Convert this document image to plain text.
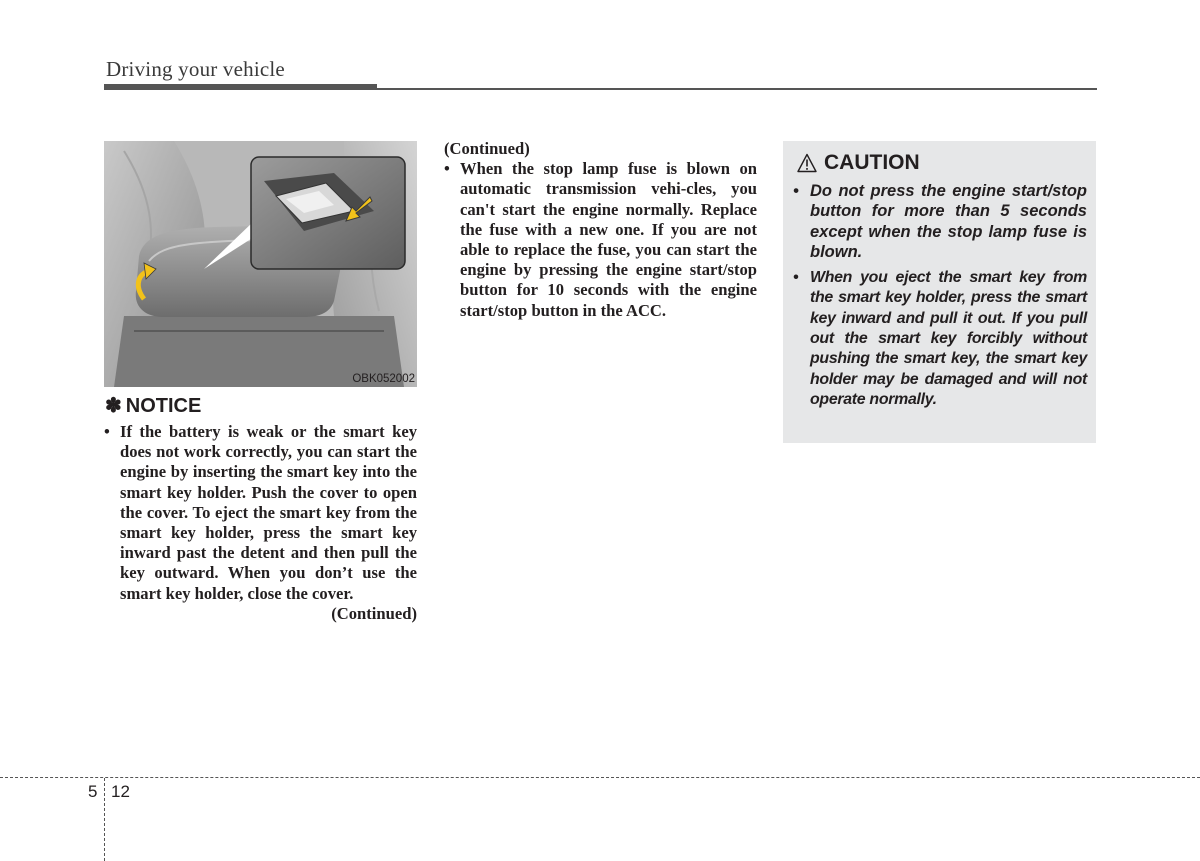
Driving your vehicle
OBK052002
✽ NOTICE
• If the battery is weak or the smart key does not work correctly, you can start the engine by inserting the smart key into the smart key holder. Push the cover to open the cover. To eject the smart key from the smart key holder, press the smart key inward past the detent and then pull the key outward. When you don’t use the smart key holder, close the cover.
(Continued)
(Continued)
• When the stop lamp fuse is blown on automatic transmission vehi-cles, you can't start the engine normally. Replace the fuse with a new one. If you are not able to replace the fuse, you can start the engine by pressing the engine start/stop button for 10 seconds with the engine start/stop button in the ACC.
CAUTION
• Do not press the engine start/stop button for more than 5 seconds except when the stop lamp fuse is blown.
• When you eject the smart key from the smart key holder, press the smart key inward and pull it out. If you pull out the smart key forcibly without pushing the smart key, the smart key holder may be damaged and will not operate normally.
5 12
